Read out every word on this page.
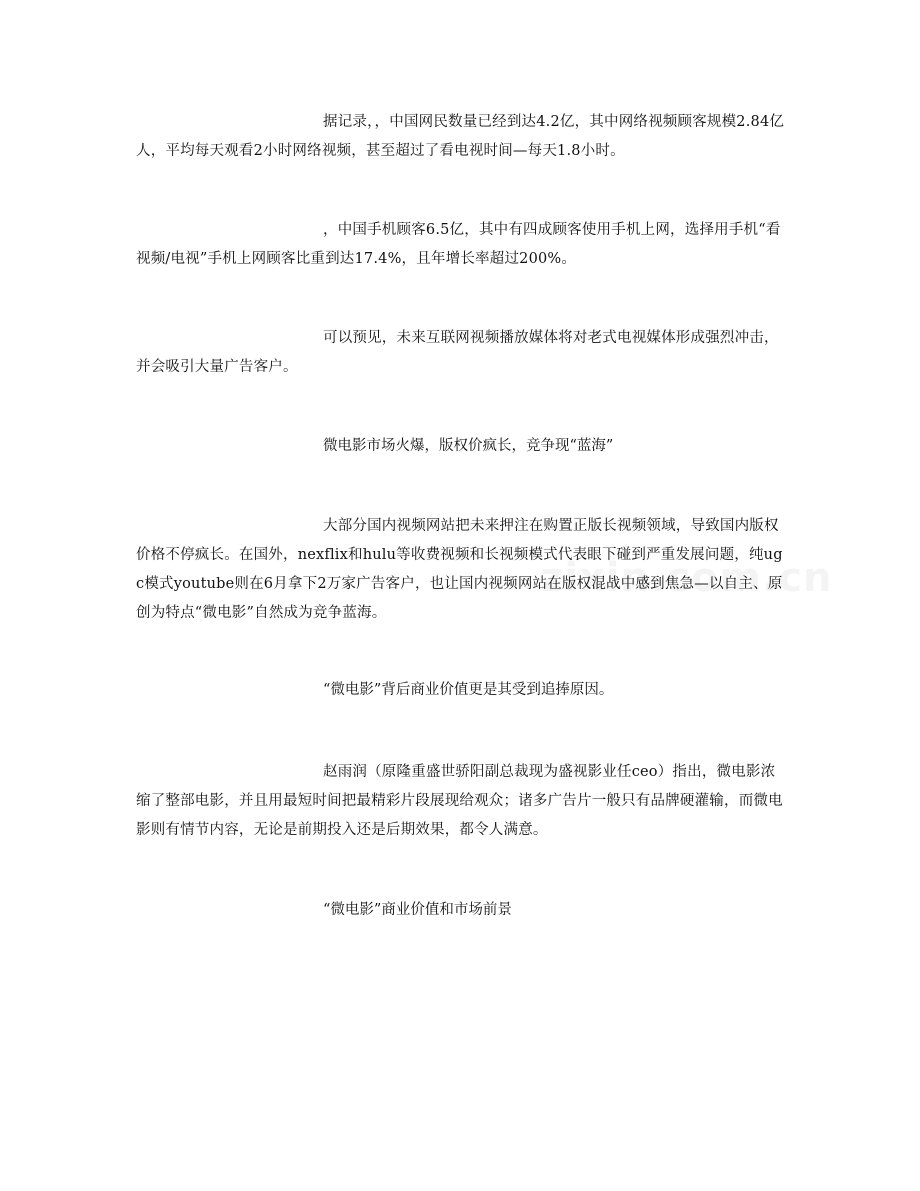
据记录，，中国网民数量已经到达4.2亿，其中网络视频顾客规模2.84亿人，平均每天观看2小时网络视频，甚至超过了看电视时间—每天1.8小时。

，中国手机顾客6.5亿，其中有四成顾客使用手机上网，选择用手机“看视频/电视”手机上网顾客比重到达17.4%，且年增长率超过200%。

可以预见，未来互联网视频播放媒体将对老式电视媒体形成强烈冲击，并会吸引大量广告客户。

微电影市场火爆，版权价疯长，竞争现“蓝海”

大部分国内视频网站把未来押注在购置正版长视频领域，导致国内版权价格不停疯长。在国外，nexflix和hulu等收费视频和长视频模式代表眼下碰到严重发展问题，纯ugc模式youtube则在6月拿下2万家广告客户，也让国内视频网站在版权混战中感到焦急—以自主、原创为特点“微电影”自然成为竞争蓝海。

“微电影”背后商业价值更是其受到追捧原因。

赵雨润（原隆重盛世骄阳副总裁现为盛视影业任ceo）指出，微电影浓缩了整部电影，并且用最短时间把最精彩片段展现给观众；诸多广告片一般只有品牌硬灌输，而微电影则有情节内容，无论是前期投入还是后期效果，都令人满意。

“微电影”商业价值和市场前景
